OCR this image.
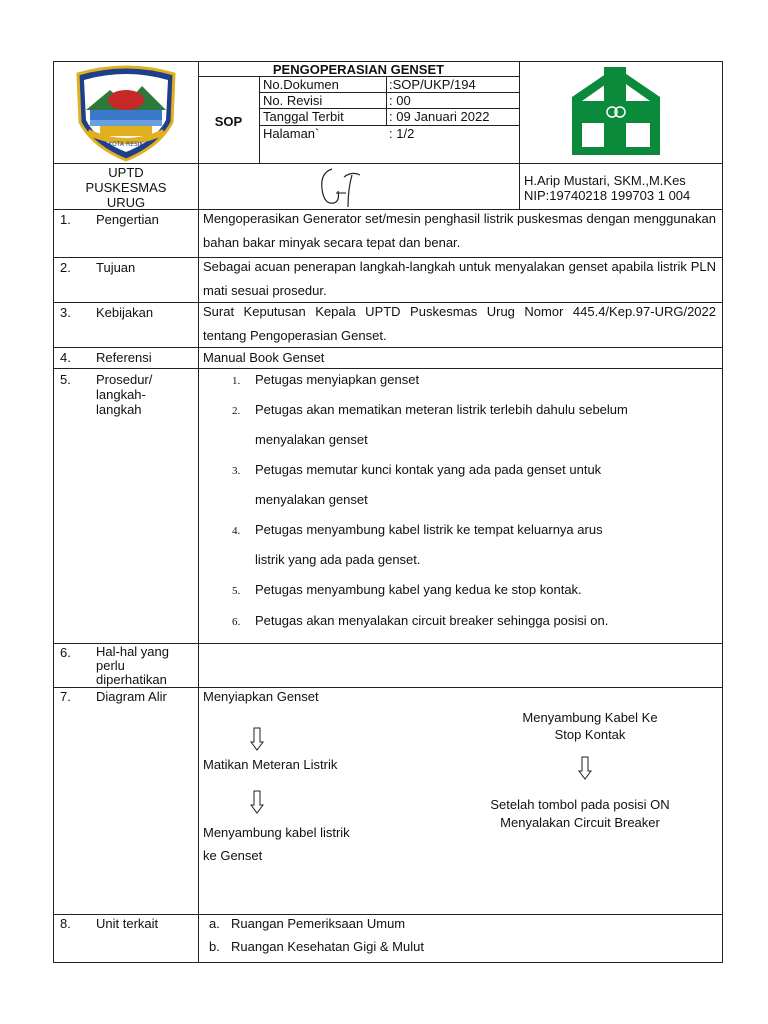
KOTA TASIKMALAYA
KOTA RESIK
PENGOPERASIAN GENSET
SOP
No.Dokumen	:SOP/UKP/194
No. Revisi	: 00
Tanggal Terbit	: 09 Januari 2022
Halaman`	: 1/2
UPTD
PUSKESMAS
URUG
H.Arip Mustari, SKM.,M.Kes
NIP:19740218 199703 1 004
1. Pengertian	Mengoperasikan Generator set/mesin penghasil listrik puskesmas dengan menggunakan bahan bakar minyak secara tepat dan benar.
2. Tujuan	Sebagai acuan penerapan langkah-langkah untuk menyalakan genset apabila listrik PLN mati sesuai prosedur.
3. Kebijakan	Surat Keputusan Kepala UPTD Puskesmas Urug Nomor 445.4/Kep.97-URG/2022 tentang Pengoperasian Genset.
4. Referensi	Manual Book Genset
5. Prosedur/
langkah-
langkah
1. Petugas menyiapkan genset
2. Petugas akan mematikan meteran listrik terlebih dahulu sebelum
menyalakan genset
3. Petugas memutar kunci kontak yang ada pada genset untuk
menyalakan genset
4. Petugas menyambung kabel listrik ke tempat keluarnya arus
listrik yang ada pada genset.
5. Petugas menyambung kabel yang kedua ke stop kontak.
6. Petugas akan menyalakan circuit breaker sehingga posisi on.
6. Hal-hal yang
perlu
diperhatikan
7. Diagram Alir	Menyiapkan Genset
Matikan Meteran Listrik
Menyambung kabel listrik
ke Genset
Menyambung Kabel Ke
Stop Kontak
Setelah tombol pada posisi ON
Menyalakan Circuit Breaker
8. Unit terkait	a. Ruangan Pemeriksaan Umum
b. Ruangan Kesehatan Gigi & Mulut
